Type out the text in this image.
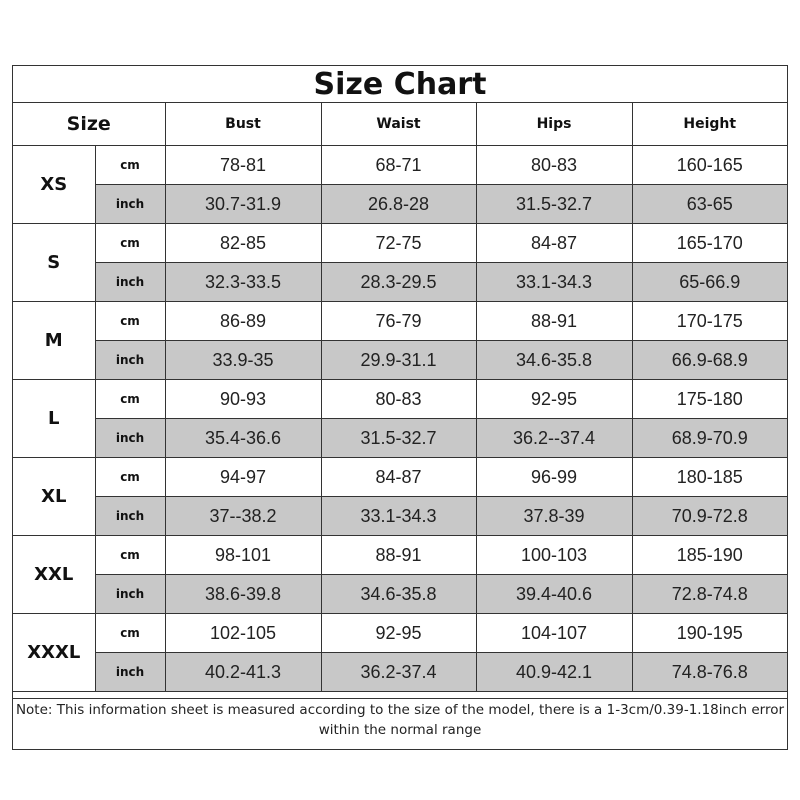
Size Chart
Size		Bust	Waist	Hips	Height
XS	cm	78-81	68-71	80-83	160-165
	inch	30.7-31.9	26.8-28	31.5-32.7	63-65
S	cm	82-85	72-75	84-87	165-170
	inch	32.3-33.5	28.3-29.5	33.1-34.3	65-66.9
M	cm	86-89	76-79	88-91	170-175
	inch	33.9-35	29.9-31.1	34.6-35.8	66.9-68.9
L	cm	90-93	80-83	92-95	175-180
	inch	35.4-36.6	31.5-32.7	36.2--37.4	68.9-70.9
XL	cm	94-97	84-87	96-99	180-185
	inch	37--38.2	33.1-34.3	37.8-39	70.9-72.8
XXL	cm	98-101	88-91	100-103	185-190
	inch	38.6-39.8	34.6-35.8	39.4-40.6	72.8-74.8
XXXL	cm	102-105	92-95	104-107	190-195
	inch	40.2-41.3	36.2-37.4	40.9-42.1	74.8-76.8
Note: This information sheet is measured according to the size of the model, there is a 1-3cm/0.39-1.18inch error within the normal range
